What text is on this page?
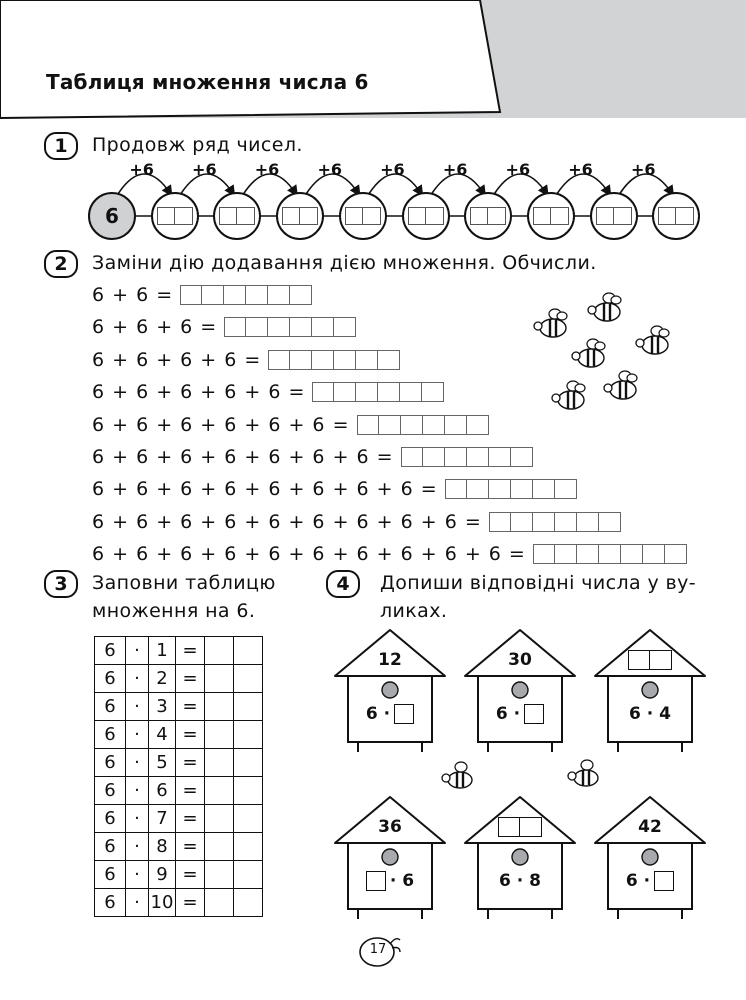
Таблиця множення числа 6
1	Продовж ряд чисел.
+6 +6 +6 +6 +6 +6 +6 +6 +6
6
2	Заміни дію додавання дією множення. Обчисли.
6 + 6 =
6 + 6 + 6 =
6 + 6 + 6 + 6 =
6 + 6 + 6 + 6 + 6 =
6 + 6 + 6 + 6 + 6 + 6 =
6 + 6 + 6 + 6 + 6 + 6 + 6 =
6 + 6 + 6 + 6 + 6 + 6 + 6 + 6 =
6 + 6 + 6 + 6 + 6 + 6 + 6 + 6 + 6 =
6 + 6 + 6 + 6 + 6 + 6 + 6 + 6 + 6 + 6 =
3	Заповни таблицю
множення на 6.
6	·	1	=		
6	·	2	=		
6	·	3	=		
6	·	4	=		
6	·	5	=		
6	·	6	=		
6	·	7	=		
6	·	8	=		
6	·	9	=		
6	·	10	=		
4	Допиши відповідні числа у ву-
ликах.
12
6 ·
30
6 ·	6 · 4
36
· 6	6 · 8
42
6 ·
17
